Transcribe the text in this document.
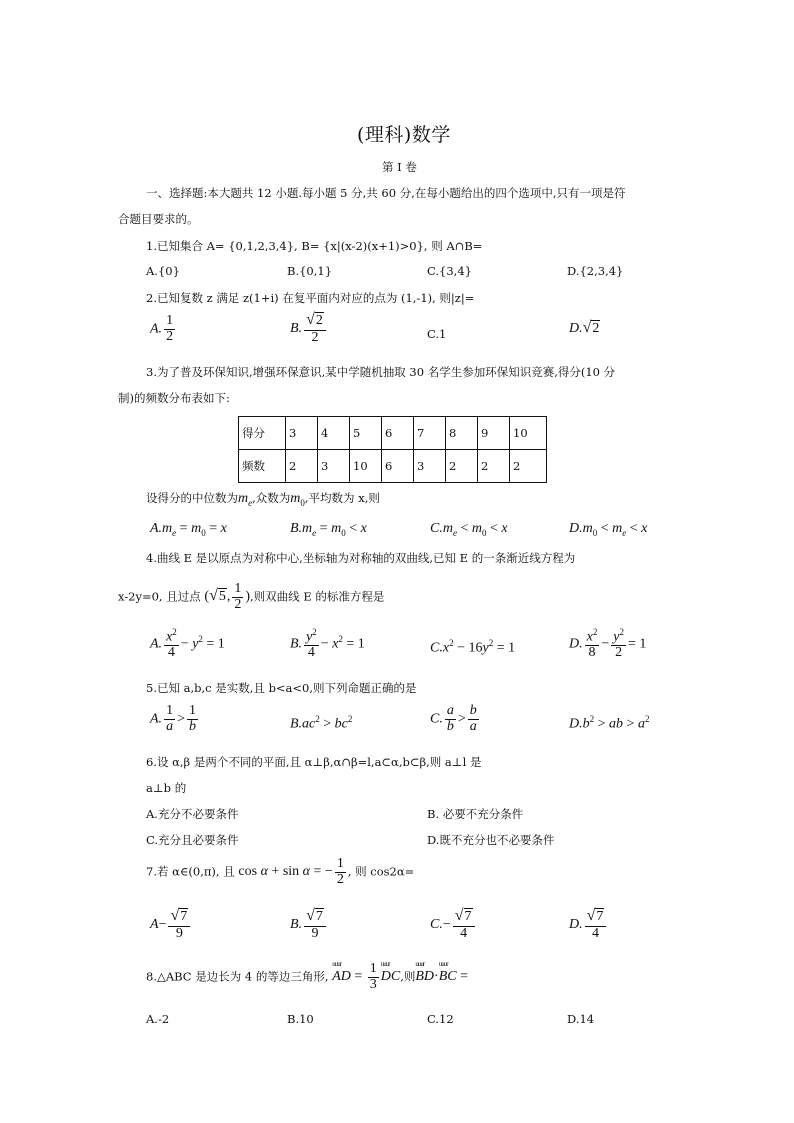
(理科)数学
第 I 卷
一、选择题:本大题共 12 小题.每小题 5 分,共 60 分,在每小题给出的四个选项中,只有一项是符
合题目要求的。
1.已知集合 A= {0,1,2,3,4}, B= {x|(x-2)(x+1)>0}, 则 A∩B=
A.{0}	B.{0,1}	C.{3,4}	D.{2,3,4}
2.已知复数 z 满足 z(1+i) 在复平面内对应的点为 (1,-1), 则|z|=
A. $\frac{1}{2}$	B. $\frac{√ 2}{2}$	C.1	D. √ 2
3.为了普及环保知识,增强环保意识,某中学随机抽取 30 名学生参加环保知识竞赛,得分(10 分
制)的频数分布表如下:
得分	3	4	5	6	7	8	9	10
频数	2	3	10	6	3	2	2	2
设得分的中位数为$m_e$,众数为$m_0$,平均数为 x,则
$A.m_e = m_0 = x$	$B.m_e = m_0 < x$	$C.m_e < m_0 < x$	$D.m_0 < m_e < x$
4.曲线 E 是以原点为对称中心,坐标轴为对称轴的双曲线,已知 E 的一条渐近线方程为
x-2y=0, 且过点 ( √ 5 , $\frac{1}{2}$ ),则双曲线 E 的标准方程是
A. $\frac{x^2}{4} - y^2 = 1$	B. $\frac{y^2}{4} - x^2 = 1$	$C.x^2 - 16y^2 = 1$	D. $\frac{x^2}{8} - \frac{y^2}{2} = 1$
5.已知 a,b,c 是实数,且 b<a<0,则下列命题正确的是
A. $\frac{1}{a} > \frac{1}{b}$	$B.ac^2 > bc^2$	C. $\frac{a}{b} > \frac{b}{a}$	$D.b^2$ > ab > $a^2$
6.设 α,β 是两个不同的平面,且 α⊥β,α∩β=l,a⊂α,b⊂β,则 a⊥l 是
a⊥b 的
A.充分不必要条件	B. 必要不充分条件
C.充分且必要条件	D.既不充分也不必要条件
7.若 α∈(0,π), 且 cos α + sin α = − $\frac{1}{2}$ , 则 cos2α=
$A- \frac{√ 7}{9}$	B. $\frac{√ 7}{9}$	$C.- \frac{√ 7}{4}$	D. $\frac{√ 7}{4}$
8.△ABC 是边长为 4 的等边三角形, uuur AD = $\frac{1}{3}$ uuur DC,则uuur BD·uuur BC =
A.-2	B.10	C.12	D.14
